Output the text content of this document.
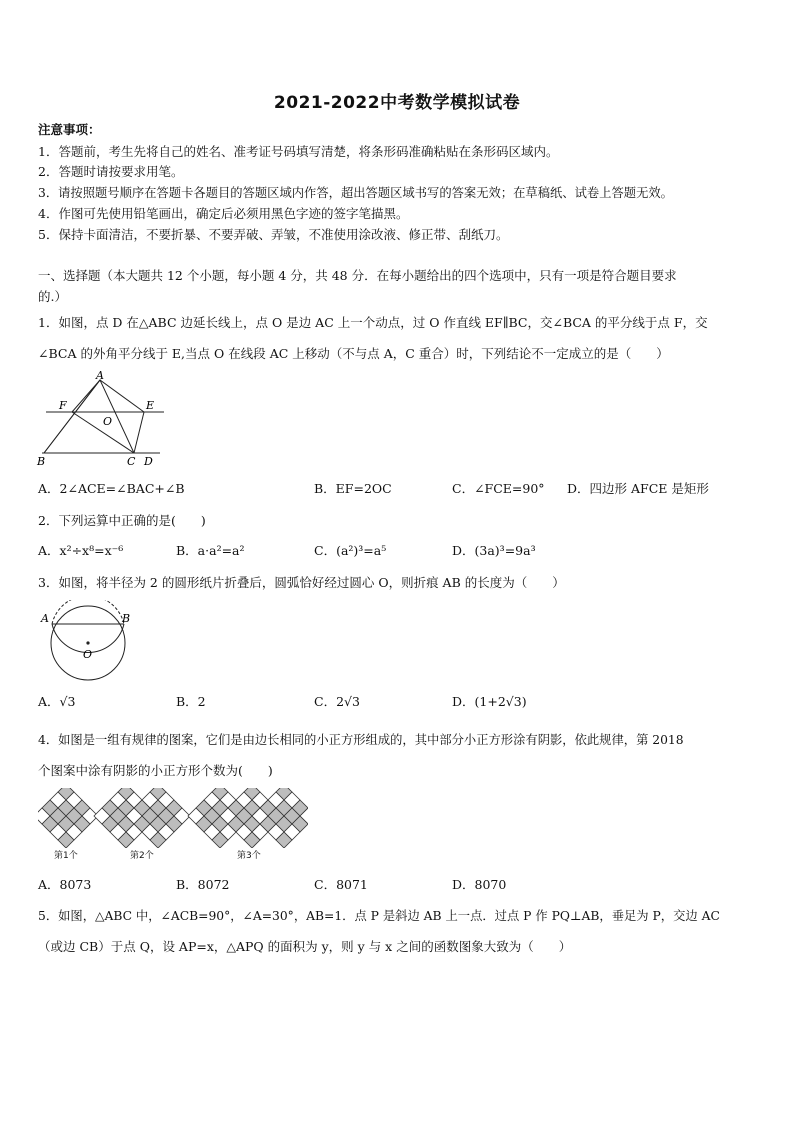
2021-2022中考数学模拟试卷
注意事项：
1．答题前，考生先将自己的姓名、准考证号码填写清楚，将条形码准确粘贴在条形码区域内。
2．答题时请按要求用笔。
3．请按照题号顺序在答题卡各题目的答题区域内作答，超出答题区域书写的答案无效；在草稿纸、试卷上答题无效。
4．作图可先使用铅笔画出，确定后必须用黑色字迹的签字笔描黑。
5．保持卡面清洁，不要折暴、不要弄破、弄皱，不准使用涂改液、修正带、刮纸刀。
一、选择题（本大题共 12 个小题，每小题 4 分，共 48 分．在每小题给出的四个选项中，只有一项是符合题目要求
的.）
1．如图，点 D 在△ABC 边延长线上，点 O 是边 AC 上一个动点，过 O 作直线 EF∥BC，交∠BCA 的平分线于点 F，交
∠BCA 的外角平分线于 E,当点 O 在线段 AC 上移动（不与点 A，C 重合）时，下列结论不一定成立的是（　　）
A
B	C D
E
F
O
A．2∠ACE=∠BAC+∠B	B．EF=2OC	C．∠FCE=90° D．四边形 AFCE 是矩形
2．下列运算中正确的是(　　)
A．x²÷x⁸=x⁻⁶	B．a·a²=a²	C．(a²)³=a⁵	D．(3a)³=9a³
3．如图，将半径为 2 的圆形纸片折叠后，圆弧恰好经过圆心 O，则折痕 AB 的长度为（　　）
A	B
O
A．√3	B．2	C．2√3	D．(1+2√3)
4．如图是一组有规律的图案，它们是由边长相同的小正方形组成的，其中部分小正方形涂有阴影，依此规律，第 2018
个图案中涂有阴影的小正方形个数为(　　)
第1个	第2个	第3个
A．8073	B．8072	C．8071	D．8070
5．如图，△ABC 中，∠ACB=90°，∠A=30°，AB=1．点 P 是斜边 AB 上一点．过点 P 作 PQ⊥AB，垂足为 P，交边 AC
（或边 CB）于点 Q，设 AP=x，△APQ 的面积为 y，则 y 与 x 之间的函数图象大致为（　　）
